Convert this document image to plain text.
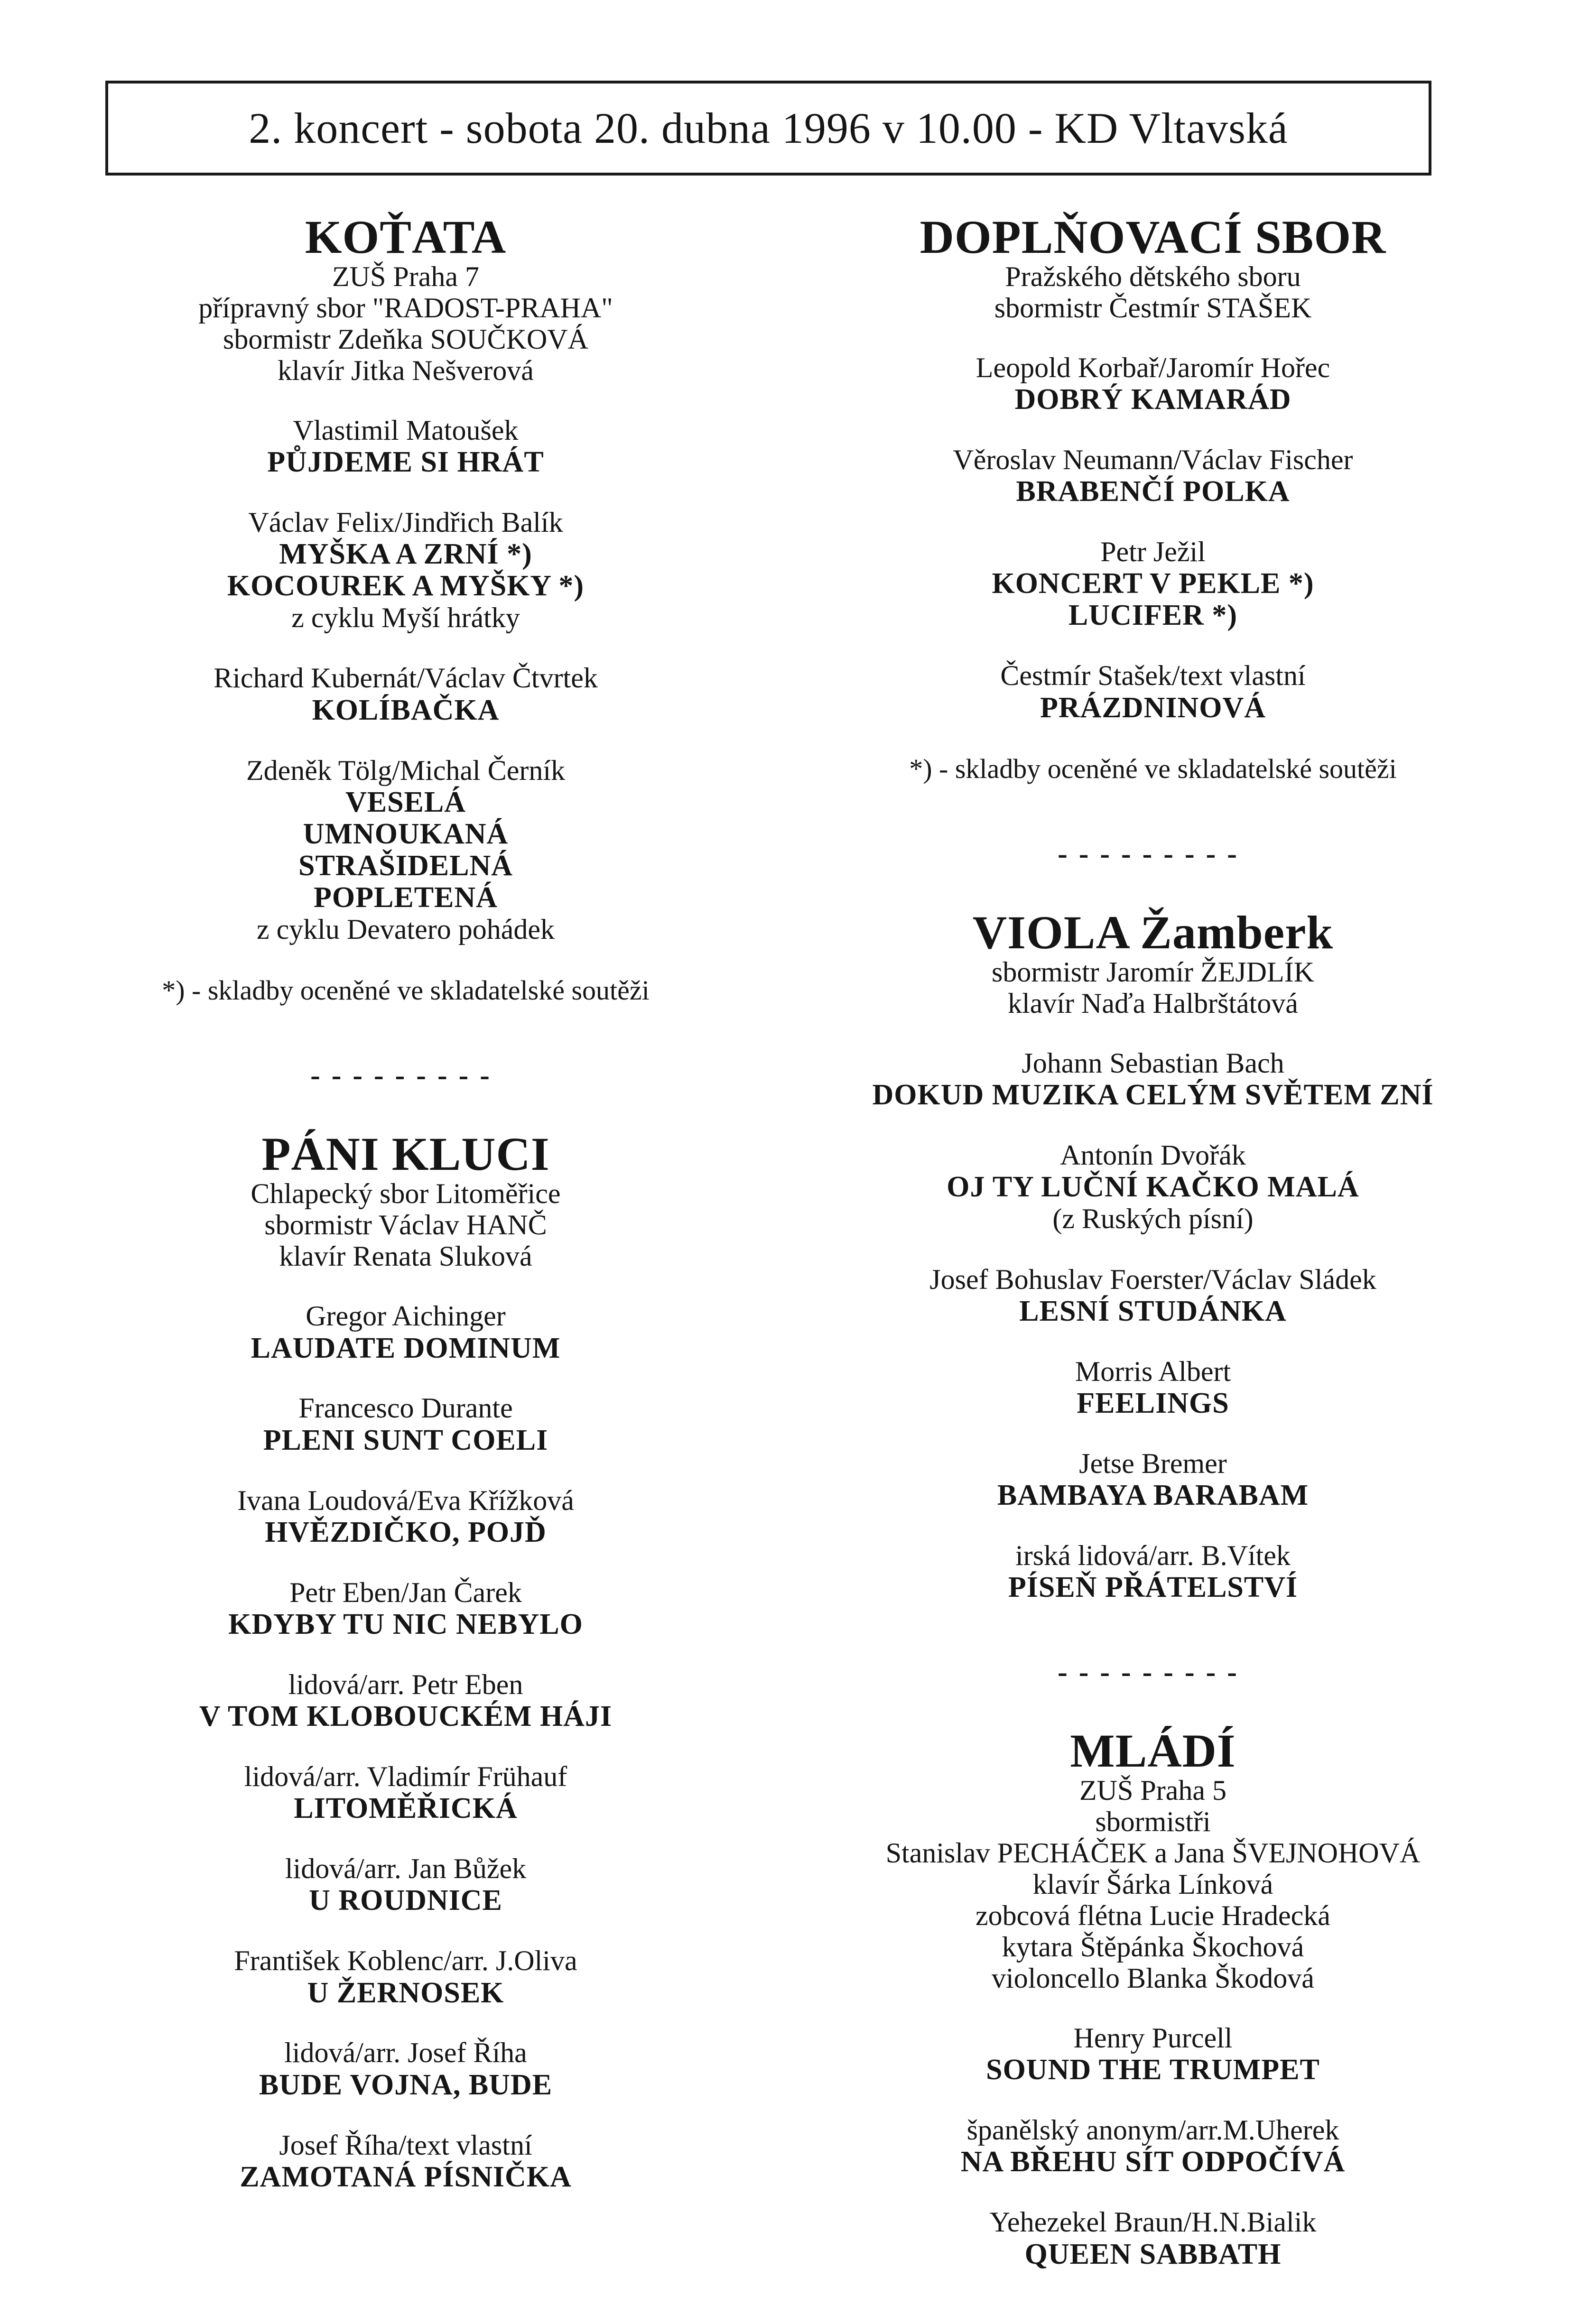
2. koncert - sobota 20. dubna 1996 v 10.00 - KD Vltavská
KOŤATA
ZUŠ Praha 7
přípravný sbor "RADOST-PRAHA"
sbormistr Zdeňka SOUČKOVÁ
klavír Jitka Nešverová
Vlastimil Matoušek
PŮJDEME SI HRÁT
Václav Felix/Jindřich Balík
MYŠKA A ZRNÍ *)
KOCOUREK A MYŠKY *)
z cyklu Myší hrátky
Richard Kubernát/Václav Čtvrtek
KOLÍBAČKA
Zdeněk Tölg/Michal Černík
VESELÁ
UMNOUKANÁ
STRAŠIDELNÁ
POPLETENÁ
z cyklu Devatero pohádek
*) - skladby oceněné ve skladatelské soutěži
---------
PÁNI KLUCI
Chlapecký sbor Litoměřice
sbormistr Václav HANČ
klavír Renata Sluková
Gregor Aichinger
LAUDATE DOMINUM
Francesco Durante
PLENI SUNT COELI
Ivana Loudová/Eva Křížková
HVĚZDIČKO, POJĎ
Petr Eben/Jan Čarek
KDYBY TU NIC NEBYLO
lidová/arr. Petr Eben
V TOM KLOBOUCKÉM HÁJI
lidová/arr. Vladimír Frühauf
LITOMĚŘICKÁ
lidová/arr. Jan Bůžek
U ROUDNICE
František Koblenc/arr. J.Oliva
U ŽERNOSEK
lidová/arr. Josef Říha
BUDE VOJNA, BUDE
Josef Říha/text vlastní
ZAMOTANÁ PÍSNIČKA
DOPLŇOVACÍ SBOR
Pražského dětského sboru
sbormistr Čestmír STAŠEK
Leopold Korbař/Jaromír Hořec
DOBRÝ KAMARÁD
Věroslav Neumann/Václav Fischer
BRABENČÍ POLKA
Petr Ježil
KONCERT V PEKLE *)
LUCIFER *)
Čestmír Stašek/text vlastní
PRÁZDNINOVÁ
*) - skladby oceněné ve skladatelské soutěži
---------
VIOLA Žamberk
sbormistr Jaromír ŽEJDLÍK
klavír Naďa Halbrštátová
Johann Sebastian Bach
DOKUD MUZIKA CELÝM SVĚTEM ZNÍ
Antonín Dvořák
OJ TY LUČNÍ KAČKO MALÁ
(z Ruských písní)
Josef Bohuslav Foerster/Václav Sládek
LESNÍ STUDÁNKA
Morris Albert
FEELINGS
Jetse Bremer
BAMBAYA BARABAM
irská lidová/arr. B.Vítek
PÍSEŇ PŘÁTELSTVÍ
---------
MLÁDÍ
ZUŠ Praha 5
sbormistři
Stanislav PECHÁČEK a Jana ŠVEJNOHOVÁ
klavír Šárka Línková
zobcová flétna Lucie Hradecká
kytara Štěpánka Škochová
violoncello Blanka Škodová
Henry Purcell
SOUND THE TRUMPET
španělský anonym/arr.M.Uherek
NA BŘEHU SÍT ODPOČÍVÁ
Yehezekel Braun/H.N.Bialik
QUEEN SABBATH
